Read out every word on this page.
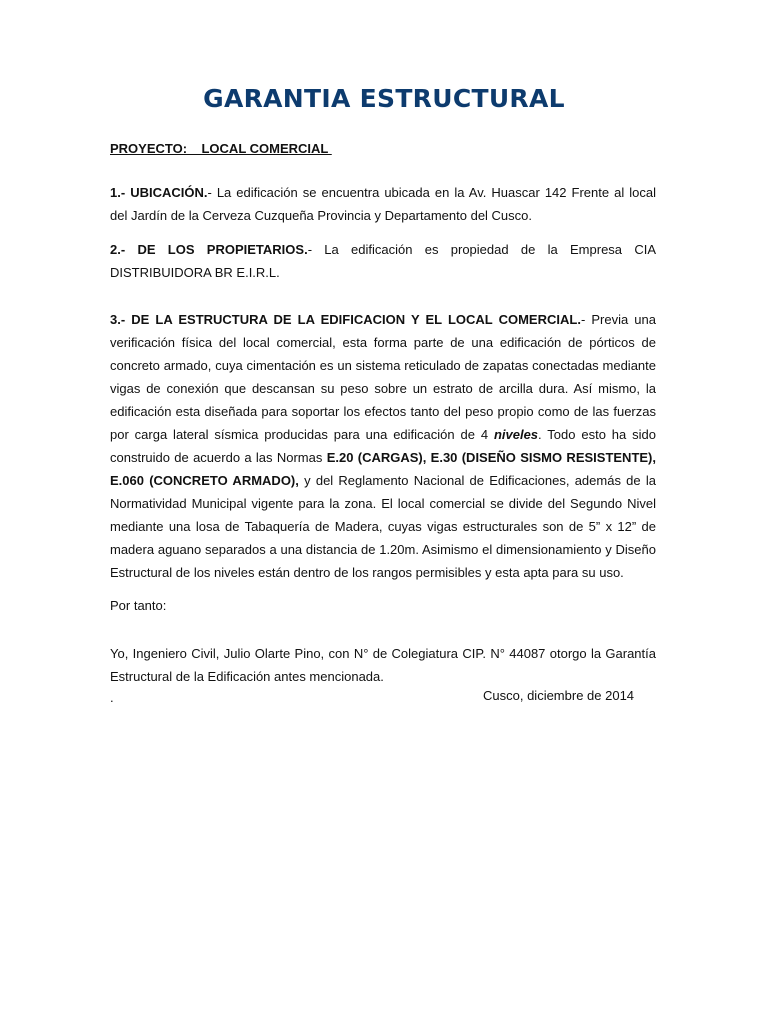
GARANTIA ESTRUCTURAL
PROYECTO:    LOCAL COMERCIAL
1.- UBICACIÓN.- La edificación se encuentra ubicada en la Av. Huascar 142 Frente al local del Jardín de la Cerveza Cuzqueña Provincia y Departamento del Cusco.
2.- DE LOS PROPIETARIOS.- La edificación es propiedad de la Empresa CIA DISTRIBUIDORA BR E.I.R.L.
3.- DE LA ESTRUCTURA DE LA EDIFICACION Y EL LOCAL COMERCIAL.- Previa una verificación física del local comercial, esta forma parte de una edificación de pórticos de concreto armado, cuya cimentación es un sistema reticulado de zapatas conectadas mediante vigas de conexión que descansan su peso sobre un estrato de arcilla dura. Así mismo, la edificación esta diseñada para soportar los efectos tanto del peso propio como de las fuerzas por carga lateral sísmica producidas para una edificación de 4 niveles. Todo esto ha sido construido de acuerdo a las Normas E.20 (CARGAS), E.30 (DISEÑO SISMO RESISTENTE), E.060 (CONCRETO ARMADO), y del Reglamento Nacional de Edificaciones, además de la Normatividad Municipal vigente para la zona. El local comercial se divide del Segundo Nivel mediante una losa de Tabaquería de Madera, cuyas vigas estructurales son de 5” x 12” de madera aguano separados a una distancia de 1.20m. Asimismo el dimensionamiento y Diseño Estructural de los niveles están dentro de los rangos permisibles y esta apta para su uso.
Por tanto:
Yo, Ingeniero Civil, Julio Olarte Pino, con N° de Colegiatura CIP. N° 44087 otorgo la Garantía Estructural de la Edificación antes mencionada.
.	Cusco, diciembre de 2014
